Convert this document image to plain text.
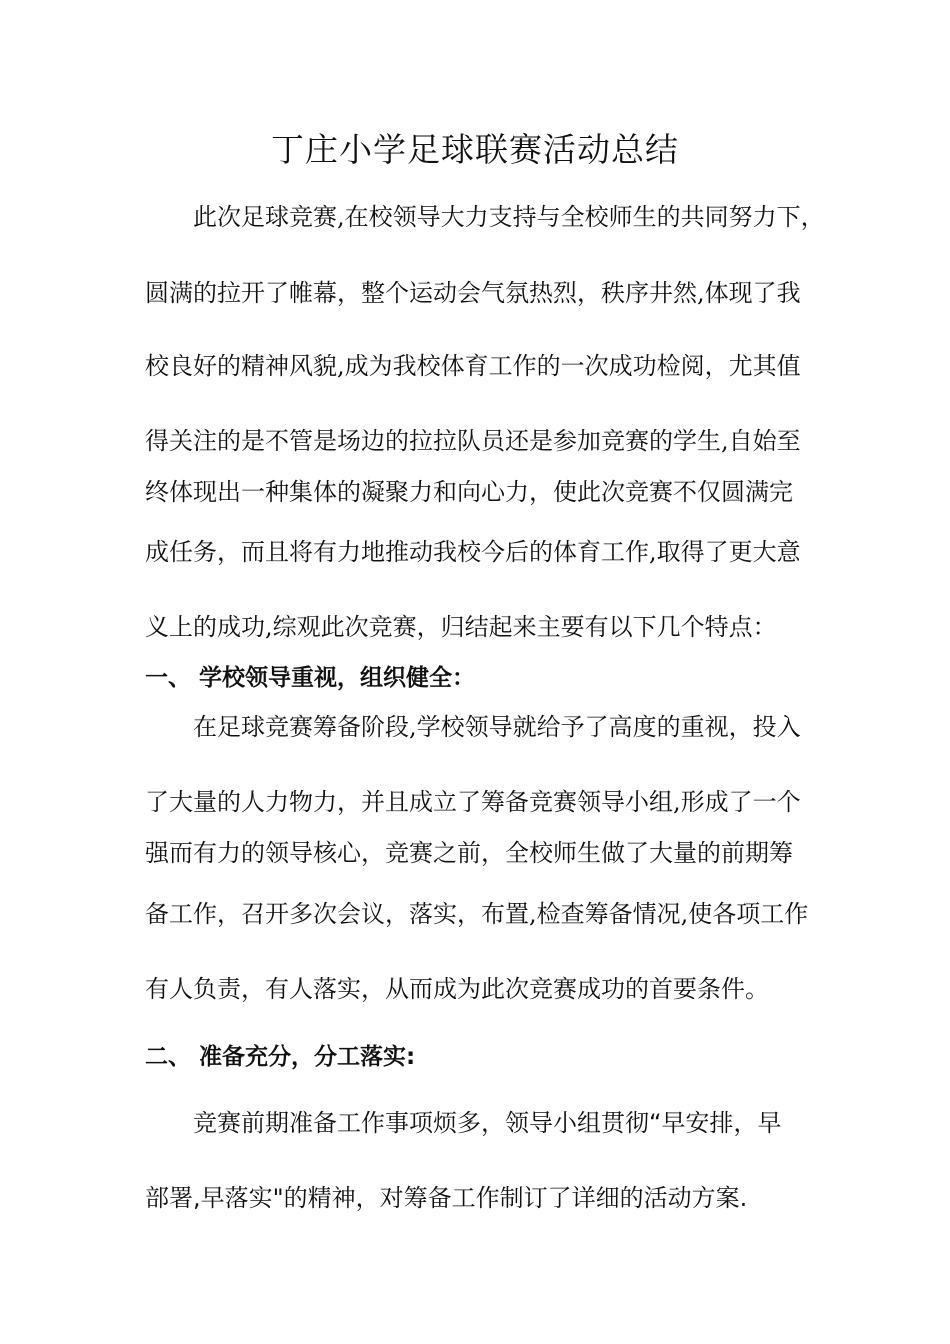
丁庄小学足球联赛活动总结
此次足球竞赛,在校领导大力支持与全校师生的共同努力下，
圆满的拉开了帷幕，整个运动会气氛热烈，秩序井然,体现了我
校良好的精神风貌,成为我校体育工作的一次成功检阅，尤其值
得关注的是不管是场边的拉拉队员还是参加竞赛的学生,自始至
终体现出一种集体的凝聚力和向心力，使此次竞赛不仅圆满完
成任务，而且将有力地推动我校今后的体育工作,取得了更大意
义上的成功,综观此次竞赛，归结起来主要有以下几个特点：
一、 学校领导重视，组织健全：
在足球竞赛筹备阶段,学校领导就给予了高度的重视，投入
了大量的人力物力，并且成立了筹备竞赛领导小组,形成了一个
强而有力的领导核心，竞赛之前，全校师生做了大量的前期筹
备工作，召开多次会议，落实，布置,检查筹备情况,使各项工作
有人负责，有人落实，从而成为此次竞赛成功的首要条件。
二、 准备充分，分工落实:
竞赛前期准备工作事项烦多，领导小组贯彻“早安排，早
部署,早落实"的精神，对筹备工作制订了详细的活动方案.
